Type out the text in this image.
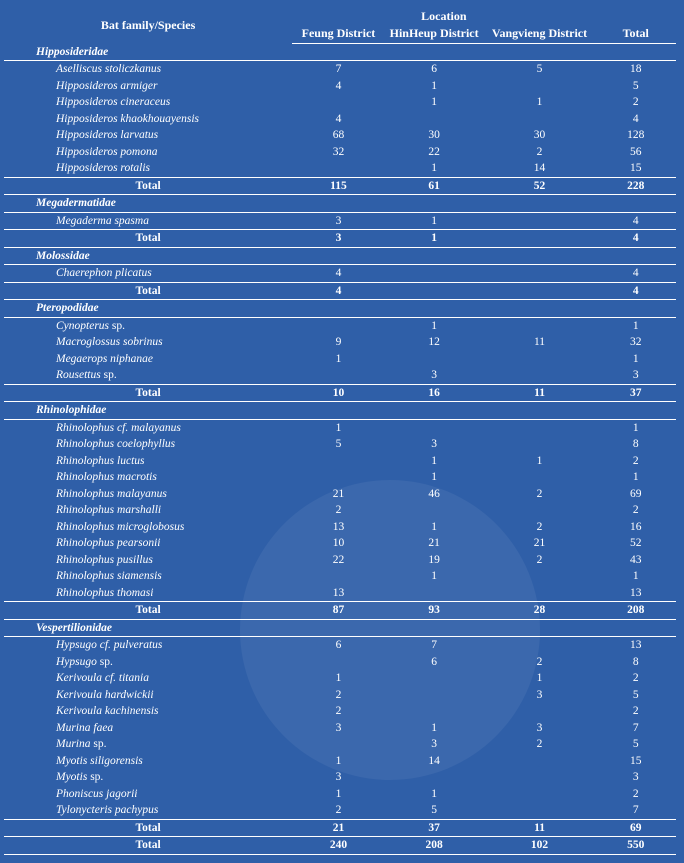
Bat family/Species	Location			
	Feung District	HinHeup District	Vangvieng District	Total
Hipposideridae				
Aselliscus stoliczkanus	7	6	5	18
Hipposideros armiger	4	1		5
Hipposideros cineraceus		1	1	2
Hipposideros khaokhouayensis	4			4
Hipposideros larvatus	68	30	30	128
Hipposideros pomona	32	22	2	56
Hipposideros rotalis		1	14	15
Total	115	61	52	228
Megadermatidae				
Megaderma spasma	3	1		4
Total	3	1		4
Molossidae				
Chaerephon plicatus	4			4
Total	4			4
Pteropodidae				
Cynopterus sp.		1		1
Macroglossus sobrinus	9	12	11	32
Megaerops niphanae	1			1
Rousettus sp.		3		3
Total	10	16	11	37
Rhinolophidae				
Rhinolophus cf. malayanus	1			1
Rhinolophus coelophyllus	5	3		8
Rhinolophus luctus		1	1	2
Rhinolophus macrotis		1		1
Rhinolophus malayanus	21	46	2	69
Rhinolophus marshalli	2			2
Rhinolophus microglobosus	13	1	2	16
Rhinolophus pearsonii	10	21	21	52
Rhinolophus pusillus	22	19	2	43
Rhinolophus siamensis		1		1
Rhinolophus thomasi	13			13
Total	87	93	28	208
Vespertilionidae				
Hypsugo cf. pulveratus	6	7		13
Hypsugo sp.		6	2	8
Kerivoula cf. titania	1		1	2
Kerivoula hardwickii	2		3	5
Kerivoula kachinensis	2			2
Murina faea	3	1	3	7
Murina sp.		3	2	5
Myotis siligorensis	1	14		15
Myotis sp.	3			3
Phoniscus jagorii	1	1		2
Tylonycteris pachypus	2	5		7
Total	21	37	11	69
Total	240	208	102	550
